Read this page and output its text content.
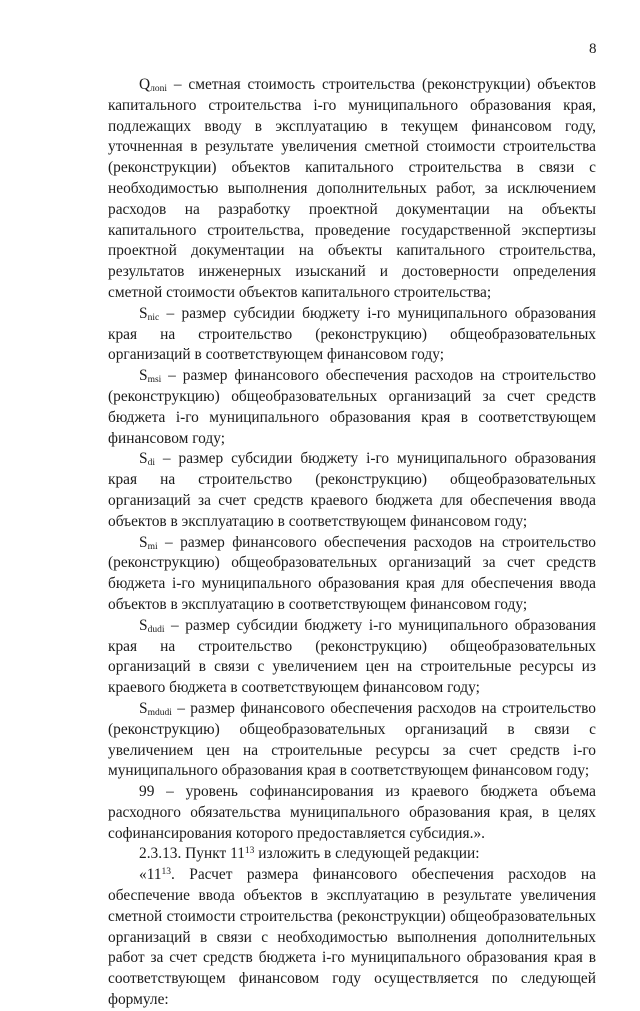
8

$Q_{лоni}$ – сметная стоимость строительства (реконструкции) объектов капитального строительства i-го муниципального образования края, подлежащих вводу в эксплуатацию в текущем финансовом году, уточненная в результате увеличения сметной стоимости строительства (реконструкции) объектов капитального строительства в связи с необходимостью выполнения дополнительных работ, за исключением расходов на разработку проектной документации на объекты капитального строительства, проведение государственной экспертизы проектной документации на объекты капитального строительства, результатов инженерных изысканий и достоверности определения сметной стоимости объектов капитального строительства;

$S_{nic}$ – размер субсидии бюджету i-го муниципального образования края на строительство (реконструкцию) общеобразовательных организаций в соответствующем финансовом году;

$S_{msi}$ – размер финансового обеспечения расходов на строительство (реконструкцию) общеобразовательных организаций за счет средств бюджета i-го муниципального образования края в соответствующем финансовом году;

$S_{di}$ – размер субсидии бюджету i-го муниципального образования края на строительство (реконструкцию) общеобразовательных организаций за счет средств краевого бюджета для обеспечения ввода объектов в эксплуатацию в соответствующем финансовом году;

$S_{mi}$ – размер финансового обеспечения расходов на строительство (реконструкцию) общеобразовательных организаций за счет средств бюджета i-го муниципального образования края для обеспечения ввода объектов в эксплуатацию в соответствующем финансовом году;

$S_{dudi}$ – размер субсидии бюджету i-го муниципального образования края на строительство (реконструкцию) общеобразовательных организаций в связи с увеличением цен на строительные ресурсы из краевого бюджета в соответствующем финансовом году;

$S_{mdudi}$ – размер финансового обеспечения расходов на строительство (реконструкцию) общеобразовательных организаций в связи с увеличением цен на строительные ресурсы за счет средств i-го муниципального образования края в соответствующем финансовом году;

99 – уровень софинансирования из краевого бюджета объема расходного обязательства муниципального образования края, в целях софинансирования которого предоставляется субсидия.».

2.3.13. Пункт $11^{13}$ изложить в следующей редакции:

«$11^{13}$. Расчет размера финансового обеспечения расходов на обеспечение ввода объектов в эксплуатацию в результате увеличения сметной стоимости строительства (реконструкции) общеобразовательных организаций в связи с необходимостью выполнения дополнительных работ за счет средств бюджета i-го муниципального образования края в соответствующем финансовом году осуществляется по следующей формуле:
